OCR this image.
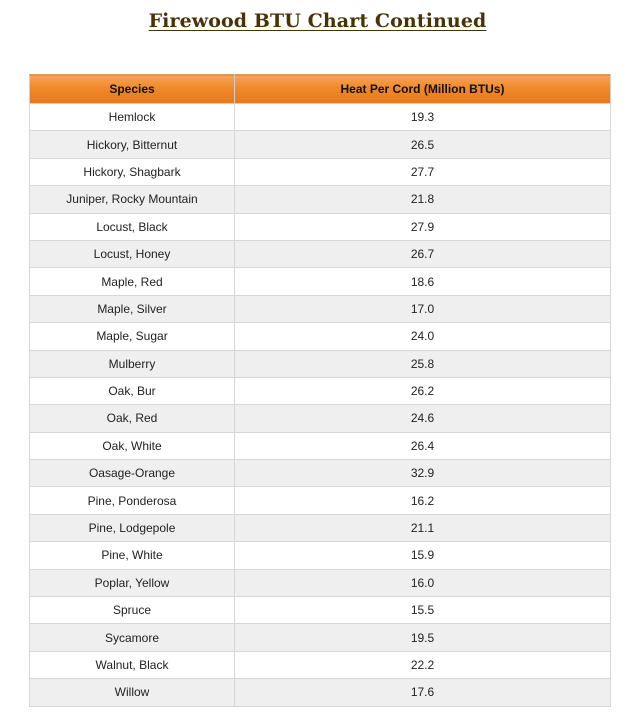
Firewood BTU Chart Continued
Species	Heat Per Cord (Million BTUs)
Hemlock	19.3
Hickory, Bitternut	26.5
Hickory, Shagbark	27.7
Juniper, Rocky Mountain	21.8
Locust, Black	27.9
Locust, Honey	26.7
Maple, Red	18.6
Maple, Silver	17.0
Maple, Sugar	24.0
Mulberry	25.8
Oak, Bur	26.2
Oak, Red	24.6
Oak, White	26.4
Oasage-Orange	32.9
Pine, Ponderosa	16.2
Pine, Lodgepole	21.1
Pine, White	15.9
Poplar, Yellow	16.0
Spruce	15.5
Sycamore	19.5
Walnut, Black	22.2
Willow	17.6
